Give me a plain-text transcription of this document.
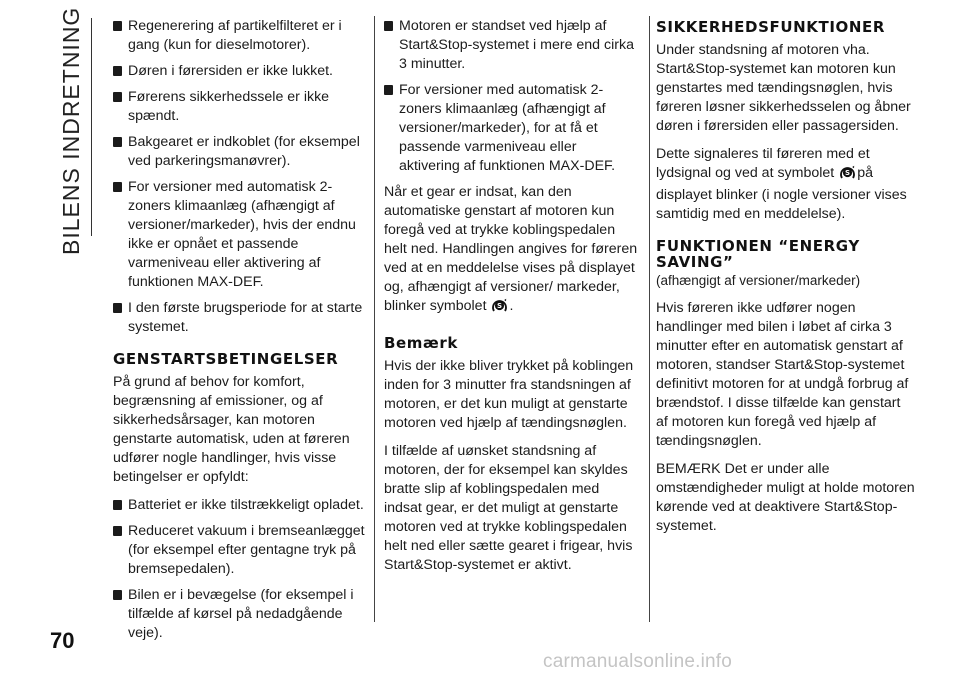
BILENS INDRETNING	Regenerering af partikelfilteret er i gang (kun for dieselmotorer).
Døren i førersiden er ikke lukket.
Førerens sikkerhedssele er ikke spændt.
Bakgearet er indkoblet (for eksempel ved parkeringsmanøvrer).
For versioner med automatisk 2-zoners klimaanlæg (afhængigt af versioner/markeder), hvis der endnu ikke er opnået et passende varmeniveau eller aktivering af funktionen MAX-DEF.
I den første brugsperiode for at starte systemet.
GENSTARTSBETINGELSER

På grund af behov for komfort, begrænsning af emissioner, og af sikkerhedsårsager, kan motoren genstarte automatisk, uden at føreren udfører nogle handlinger, hvis visse betingelser er opfyldt:

Batteriet er ikke tilstrækkeligt opladet.
Reduceret vakuum i bremseanlægget (for eksempel efter gentagne tryk på bremsepedalen).
Bilen er i bevægelse (for eksempel i tilfælde af kørsel på nedadgående veje).
Motoren er standset ved hjælp af Start&Stop-systemet i mere end cirka 3 minutter.
For versioner med automatisk 2-zoners klimaanlæg (afhængigt af versioner/markeder), for at få et passende varmeniveau eller aktivering af funktionen MAX-DEF.

Når et gear er indsat, kan den automatiske genstart af motoren kun foregå ved at trykke koblingspedalen helt ned. Handlingen angives for føreren ved at en meddelelse vises på displayet og, afhængigt af versioner/ markeder, blinker symbolet S .

Bemærk

Hvis der ikke bliver trykket på koblingen inden for 3 minutter fra standsningen af motoren, er det kun muligt at genstarte motoren ved hjælp af tændingsnøglen.

I tilfælde af uønsket standsning af motoren, der for eksempel kan skyldes bratte slip af koblingspedalen med indsat gear, er det muligt at genstarte motoren ved at trykke koblingspedalen helt ned eller sætte gearet i frigear, hvis Start&Stop-systemet er aktivt.

SIKKERHEDSFUNKTIONER

Under standsning af motoren vha. Start&Stop-systemet kan motoren kun genstartes med tændingsnøglen, hvis føreren løsner sikkerhedsselen og åbner døren i førersiden eller passagersiden.

Dette signaleres til føreren med et lydsignal og ved at symbolet S på displayet blinker (i nogle versioner vises samtidig med en meddelelse).

FUNKTIONEN “ENERGY SAVING”

(afhængigt af versioner/markeder)

Hvis føreren ikke udfører nogen handlinger med bilen i løbet af cirka 3 minutter efter en automatisk genstart af motoren, standser Start&Stop-systemet definitivt motoren for at undgå forbrug af brændstof. I disse tilfælde kan genstart af motoren kun foregå ved hjælp af tændingsnøglen.

BEMÆRK Det er under alle omstændigheder muligt at holde motoren kørende ved at deaktivere Start&Stop-systemet.

70
carmanualsonline.info
